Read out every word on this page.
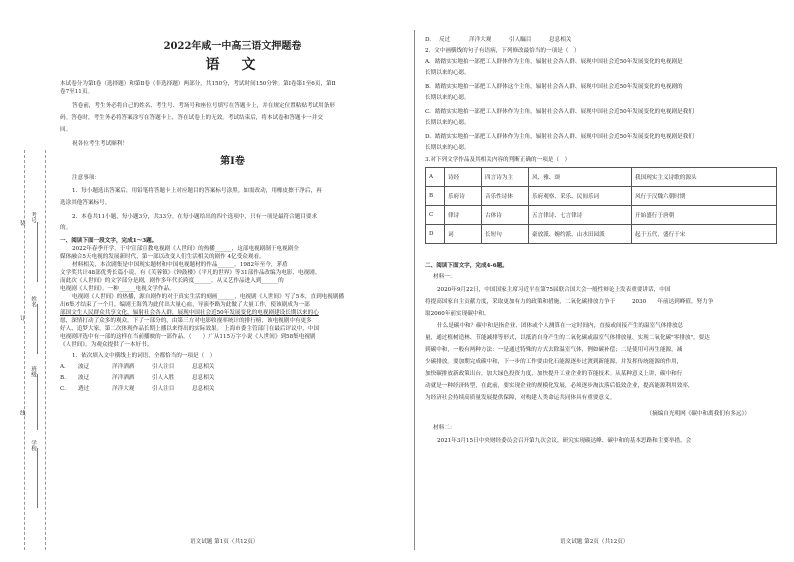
装
订
线
考号
姓名
班级
学校
2022年咸一中高三语文押题卷
语　文
本试卷分为第Ⅰ卷（选择题）和第Ⅱ卷（非选择题）两部分，共150分，考试时间150分钟。第Ⅰ卷第1至6页，第Ⅱ
卷7至11页。
答卷前，考生务必将自己的姓名、考生号、考场号和座位号填写在答题卡上，并在规定位置粘贴考试用条形
码。答卷时，考生务必将答案涂写在答题卡上，答在试卷上的无效。考试结束后，将本试卷和答题卡一并交
回。
祝各位考生考试顺利！
第Ⅰ卷
注意事项：
1．每小题选出答案后，用铅笔将答题卡上对应题目的答案标号涂黑。如需改动，用橡皮擦干净后，再
选涂其他答案标号。
2．本卷共11小题，每小题3分，共33分。在每小题给出的四个选项中，只有一项是最符合题目要求
的。
一、阅读下面一段文字，完成1～3题。
2022年春季开学，于中宣部宣教电视剧《人世间》的热播______，这部电视剧制于电视剧全
媒体融合5天电视的发展新时代，第一部以改变人们生活相关的剧作 4亿受众观看。
材料相关，本次剧集是中国现实题材和中国电视题材的作品______。1982年至今，茅盾
文学奖共计48部优秀长篇小说，有《芙蓉镇》《钟鼓楼》《平凡的世界》等31部作品改编为电影、电视剧。
而此次《人世间》的文学部分是剧，剧作多年代长跨度______，从义艺作品进入到______的
电视剧《人世间》。一种______电视文学作品。
电视剧《人世间》的热播，源自剧作的对于真实生活的刻画______，电视剧《人世间》写了5本，直到电视剧播
出6集才结束了一个月。编剧王海鸰为此付出大量心血，导演李路为此做了大量工作，使该剧成为一部
部国文生人民群众共享文化，辐射社会各人群，展现中国社会近50年发展变化的电视剧建设长期以来的心
愿，深情打动了众多的观众。下了一部分的，由第三方对电影收视率统计的排行榜，该电视剧中有更多
好人、追梦大家，第二次体现作品长期上播以来得出的实际效果。 上海市委主管部门在最后评议中，中国
电视剧评选中有一部的这样在当前播映的一部作品。（　　）广从115万字小说《人世间》到58集电视剧
《人世间》，为观众提供了一本好书。
1．依次填入文中横线上的词语，全都恰当的一项是（　）
A. 波迂	洋洋洒洒	引人注目	息息相关
B. 波迂	洋洋洒洒	引人入胜	息息相关
C. 透过	洋洋大观	引人注目	息息相关
语文试题 第1页（共12页）
D. 反过	洋洋大观	引人瞩目	息息相关
2．文中画横线的句子有语病，下列修改最恰当的一项是（　）
A. 踏踏实实地拍一部把工人群体作为主角，辐射社会各人群、展现中国社会近50年发展变化的电视剧是
长期以来的心愿。
B. 踏踏实实地拍一部把工人群体这个主角，辐射社会各人群、展现中国社会近50年发展变化的电视剧的
长期以来的心愿。
C. 踏踏实实地拍一部把工人群体作为主角，辐射社会各人群、展现中国社会近50年发展变化的电视剧是我们
长期以来的心愿。
D. 踏踏实实地拍一部把工人群体作为主角，辐射社会各人群、展现中国社会近50年发展变化的电视剧是我们
长期以来的心愿。
3.对下列文学作品及其相关内容的判断正确的一项是（　）
A	诗经	四言诗为主	风、雅、颂	我国现实主义诗歌的源头
B	乐府诗	音乐性诗体	乐府观察、采乐、民间乐词	风行于汉魏六朝时期
C	律诗	古体诗	五言律诗、七言律诗	开始盛行于唐朝
D	词	长短句	豪放派、婉约派、山水田园派	起于五代，盛行于宋
二、阅读下面文字，完成4-6题。
材料一：
2020年9月22日，中国国家主席习近平在第75届联合国大会一般性辩论上发表重要讲话，中国
将提高国家自主贡献力度，采取更加有力的政策和措施，二氧化碳排放力争于　　　2030　　年前达到峰值，努力争
取2060年前实现碳中和。
什么是碳中和？碳中和是指企业、团体或个人测算在一定时间内，直接或间接产生的温室气体排放总
量，通过植树造林、节能减排等形式，以抵消自身产生的二氧化碳或温室气体排放量，实现二氧化碳"零排放"。要达
到碳中和，一般有两种方法：一是通过特殊的方式去除温室气体，例如碳补偿；二是使用可再生能源，减
少碳排放。要加期完成碳中和，下一步的工作要由化石能源逐步过渡到新能源，并发挥传统能源的作用，
加快碳排放新政策出台，加大绿色投资力度，加快提升工业企业的节能技术。从某种意义上讲，碳中和行
动就是一种经济转型，在此前，要实现企业的规模化发展，必须逐步淘汰落后低效企业，提高能源利用效率，
为经济社会持续高质量发展提供保障，对构建人类命运共同体具有重要意义。
（摘编自光明网《碳中和离我们有多远》）
材料二：
2021年3月15日中央财经委员会召开第九次会议，研究实现碳达峰、碳中和的基本思路和主要举措。会
语文试题 第2页（共12页）
